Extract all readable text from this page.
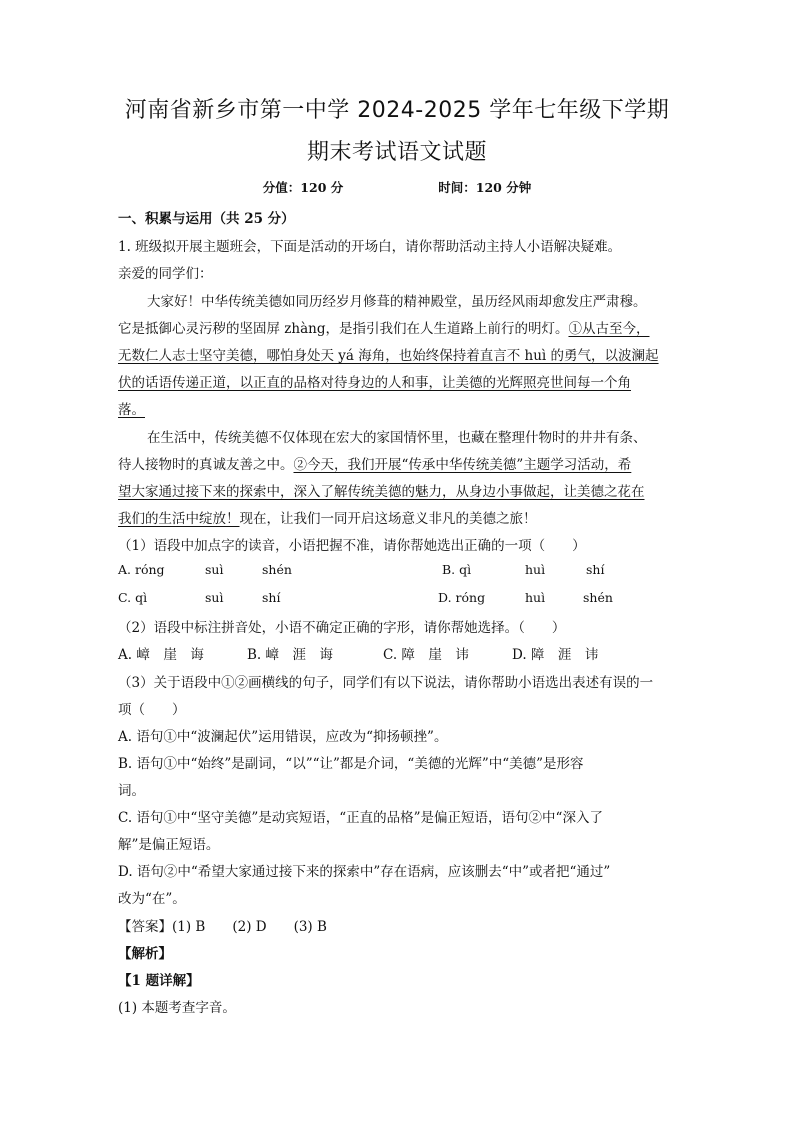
河南省新乡市第一中学 2024-2025 学年七年级下学期
期末考试语文试题
分值：120 分	时间：120 分钟
一、积累与运用（共 25 分）
1. 班级拟开展主题班会，下面是活动的开场白，请你帮助活动主持人小语解决疑难。
亲爱的同学们：
大家好！中华传统美德如同历经岁月修葺的精神殿堂，虽历经风雨却愈发庄严肃穆。
它是抵御心灵污秽的坚固屏 zhàng，是指引我们在人生道路上前行的明灯。①从古至今，
无数仁人志士坚守美德，哪怕身处天 yá 海角，也始终保持着直言不 huì 的勇气，以波澜起
伏的话语传递正道，以正直的品格对待身边的人和事，让美德的光辉照亮世间每一个角
落。
在生活中，传统美德不仅体现在宏大的家国情怀里，也藏在整理什物时的井井有条、
待人接物时的真诚友善之中。②今天，我们开展“传承中华传统美德”主题学习活动，希
望大家通过接下来的探索中，深入了解传统美德的魅力，从身边小事做起，让美德之花在
我们的生活中绽放！现在，让我们一同开启这场意义非凡的美德之旅！
（1）语段中加点字的读音，小语把握不准，请你帮她选出正确的一项（　　）
A. róng	suì	shén	B. qì	huì	shí
C. qì	suì	shí	D. róng	huì	shén
（2）语段中标注拼音处，小语不确定正确的字形，请你帮她选择。（　　）
A. 嶂　崖　诲	B. 嶂　涯　诲	C. 障　崖　讳	D. 障　涯　讳
（3）关于语段中①②画横线的句子，同学们有以下说法，请你帮助小语选出表述有误的一
项（　　）
A. 语句①中“波澜起伏”运用错误，应改为“抑扬顿挫”。
B. 语句①中“始终”是副词，“以”“让”都是介词，“美德的光辉”中“美德”是形容
词。
C. 语句①中“坚守美德”是动宾短语，“正直的品格”是偏正短语，语句②中“深入了
解”是偏正短语。
D. 语句②中“希望大家通过接下来的探索中”存在语病，应该删去“中”或者把“通过”
改为“在”。
【答案】(1) B　　(2) D　　(3) B
【解析】
【1 题详解】
(1) 本题考查字音。
